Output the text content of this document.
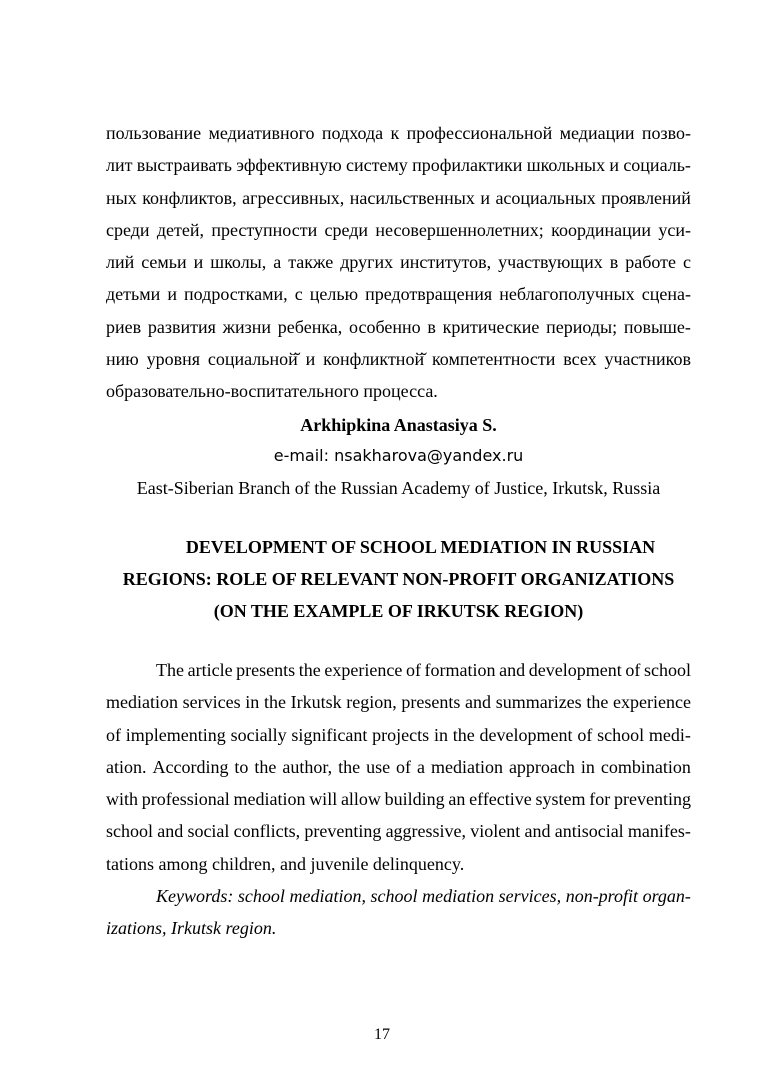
пользование медиативного подхода к профессиональной медиации позво-
лит выстраивать эффективную систему профилактики школьных и социаль-
ных конфликтов, агрессивных, насильственных и асоциальных проявлений
среди детей, преступности среди несовершеннолетних; координации уси-
лий семьи и школы, а также других институтов, участвующих в работе с
детьми и подростками, с целью предотвращения неблагополучных сцена-
риев развития жизни ребенка, особенно в критические периоды; повыше-
нию уровня социальной̆ и конфликтной̆ компетентности всех участников
образовательно-воспитательного процесса.
Arkhipkina Anastasiya S.
e-mail: nsakharova@yandex.ru
East-Siberian Branch of the Russian Academy of Justice, Irkutsk, Russia
DEVELOPMENT OF SCHOOL MEDIATION IN RUSSIAN
REGIONS: ROLE OF RELEVANT NON-PROFIT ORGANIZATIONS
(ON THE EXAMPLE OF IRKUTSK REGION)
The article presents the experience of formation and development of school
mediation services in the Irkutsk region, presents and summarizes the experience
of implementing socially significant projects in the development of school medi-
ation. According to the author, the use of a mediation approach in combination
with professional mediation will allow building an effective system for preventing
school and social conflicts, preventing aggressive, violent and antisocial manifes-
tations among children, and juvenile delinquency.
Keywords: school mediation, school mediation services, non-profit organ-
izations, Irkutsk region.
17
